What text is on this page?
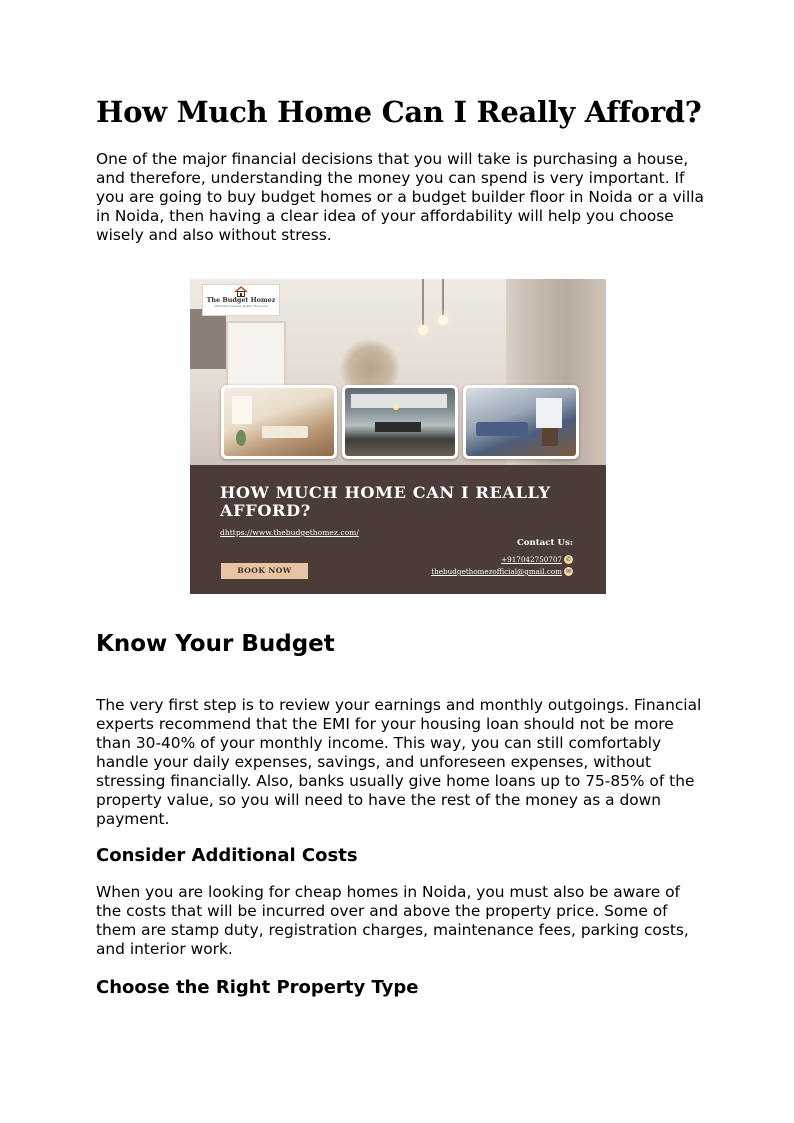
How Much Home Can I Really Afford?

One of the major financial decisions that you will take is purchasing a house, and therefore, understanding the money you can spend is very important. If you are going to buy budget homes or a budget builder floor in Noida or a villa in Noida, then having a clear idea of your affordability will help you choose wisely and also without stress.

The Budget Homez
Affordable Homes, Better Tomorrow

HOW MUCH HOME CAN I REALLY AFFORD?

dhttps://www.thebudgethomez.com/
Contact Us:
+917042750707 ✆
thebudgethomezofficial@gmail.com ✉
BOOK NOW
Know Your Budget

The very first step is to review your earnings and monthly outgoings. Financial experts recommend that the EMI for your housing loan should not be more than 30-40% of your monthly income. This way, you can still comfortably handle your daily expenses, savings, and unforeseen expenses, without stressing financially. Also, banks usually give home loans up to 75-85% of the property value, so you will need to have the rest of the money as a down payment.

Consider Additional Costs

When you are looking for cheap homes in Noida, you must also be aware of the costs that will be incurred over and above the property price. Some of them are stamp duty, registration charges, maintenance fees, parking costs, and interior work.

Choose the Right Property Type
